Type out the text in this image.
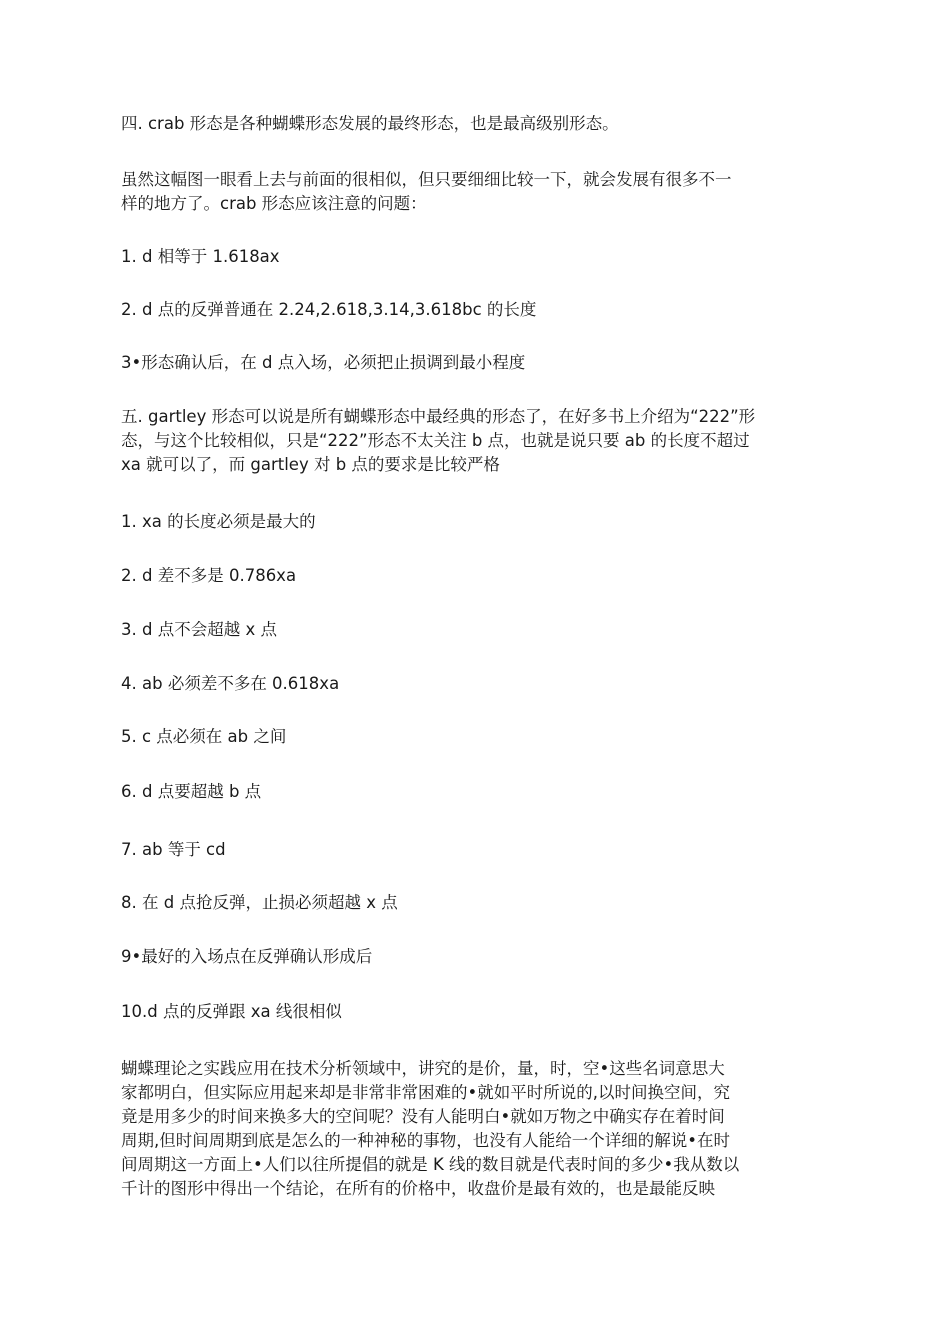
四. crab 形态是各种蝴蝶形态发展的最终形态，也是最高级别形态。

虽然这幅图一眼看上去与前面的很相似，但只要细细比较一下，就会发展有很多不一
样的地方了。crab 形态应该注意的问题：

1. d 相等于 1.618ax

2. d 点的反弹普通在 2.24,2.618,3.14,3.618bc 的长度

3•形态确认后，在 d 点入场，必须把止损调到最小程度

五. gartley 形态可以说是所有蝴蝶形态中最经典的形态了，在好多书上介绍为“222”形
态，与这个比较相似，只是“222”形态不太关注 b 点，也就是说只要 ab 的长度不超过
xa 就可以了，而 gartley 对 b 点的要求是比较严格

1. xa 的长度必须是最大的

2. d 差不多是 0.786xa

3. d 点不会超越 x 点

4. ab 必须差不多在 0.618xa

5. c 点必须在 ab 之间

6. d 点要超越 b 点

7. ab 等于 cd

8. 在 d 点抢反弹，止损必须超越 x 点

9•最好的入场点在反弹确认形成后

10.d 点的反弹跟 xa 线很相似

蝴蝶理论之实践应用在技术分析领域中，讲究的是价，量，时，空•这些名词意思大
家都明白，但实际应用起来却是非常非常困难的•就如平时所说的,以时间换空间，究
竟是用多少的时间来换多大的空间呢？没有人能明白•就如万物之中确实存在着时间
周期,但时间周期到底是怎么的一种神秘的事物，也没有人能给一个详细的解说•在时
间周期这一方面上•人们以往所提倡的就是 K 线的数目就是代表时间的多少•我从数以
千计的图形中得出一个结论，在所有的价格中，收盘价是最有效的，也是最能反映
